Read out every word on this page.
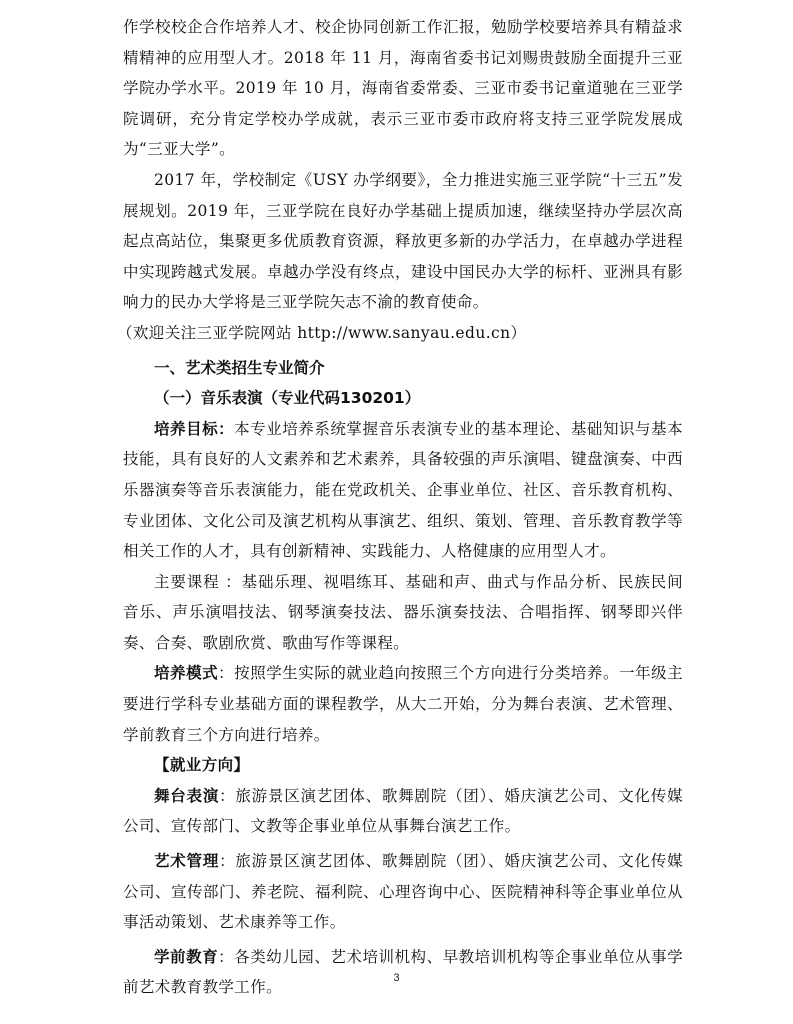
作学校校企合作培养人才、校企协同创新工作汇报，勉励学校要培养具有精益求精精神的应用型人才。2018 年 11 月，海南省委书记刘赐贵鼓励全面提升三亚学院办学水平。2019 年 10 月，海南省委常委、三亚市委书记童道驰在三亚学院调研，充分肯定学校办学成就，表示三亚市委市政府将支持三亚学院发展成为“三亚大学”。

2017 年，学校制定《USY 办学纲要》，全力推进实施三亚学院“十三五”发展规划。2019 年，三亚学院在良好办学基础上提质加速，继续坚持办学层次高起点高站位，集聚更多优质教育资源，释放更多新的办学活力，在卓越办学进程中实现跨越式发展。卓越办学没有终点，建设中国民办大学的标杆、亚洲具有影响力的民办大学将是三亚学院矢志不渝的教育使命。

（欢迎关注三亚学院网站 http://www.sanyau.edu.cn）

一、艺术类招生专业简介
（一）音乐表演（专业代码130201）

培养目标：本专业培养系统掌握音乐表演专业的基本理论、基础知识与基本技能，具有良好的人文素养和艺术素养，具备较强的声乐演唱、键盘演奏、中西乐器演奏等音乐表演能力，能在党政机关、企事业单位、社区、音乐教育机构、专业团体、文化公司及演艺机构从事演艺、组织、策划、管理、音乐教育教学等相关工作的人才，具有创新精神、实践能力、人格健康的应用型人才。

主要课程 ：基础乐理、视唱练耳、基础和声、曲式与作品分析、民族民间音乐、声乐演唱技法、钢琴演奏技法、器乐演奏技法、合唱指挥、钢琴即兴伴奏、合奏、歌剧欣赏、歌曲写作等课程。

培养模式：按照学生实际的就业趋向按照三个方向进行分类培养。一年级主要进行学科专业基础方面的课程教学，从大二开始，分为舞台表演、艺术管理、学前教育三个方向进行培养。

【就业方向】

舞台表演：旅游景区演艺团体、歌舞剧院（团）、婚庆演艺公司、文化传媒公司、宣传部门、文教等企事业单位从事舞台演艺工作。

艺术管理：旅游景区演艺团体、歌舞剧院（团）、婚庆演艺公司、文化传媒公司、宣传部门、养老院、福利院、心理咨询中心、医院精神科等企事业单位从事活动策划、艺术康养等工作。

学前教育：各类幼儿园、艺术培训机构、早教培训机构等企事业单位从事学前艺术教育教学工作。

3
